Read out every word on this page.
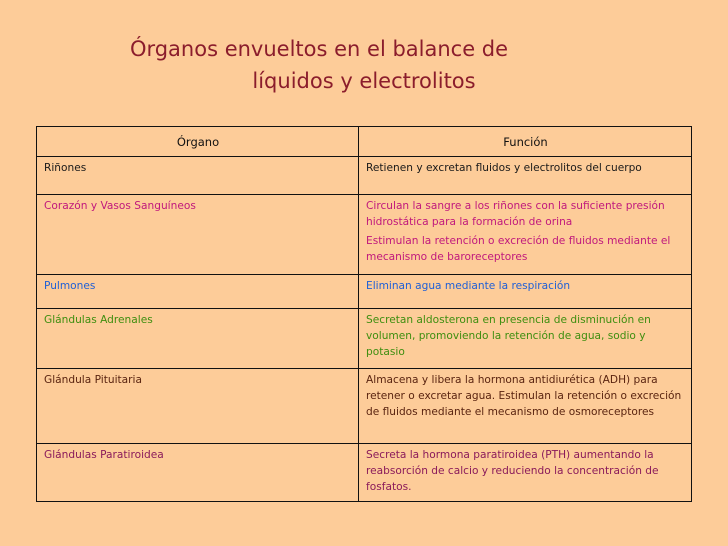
Órganos envueltos en el balance de
líquidos y electrolitos
Órgano	Función
Riñones	Retienen y excretan fluidos y electrolitos del cuerpo

Corazón y Vasos Sanguíneos	Circulan la sangre a los riñones con la suficiente presión hidrostática para la formación de orina
Estimulan la retención o excreción de fluidos mediante el mecanismo de baroreceptores

Pulmones	Eliminan agua mediante la respiración

Glándulas Adrenales	Secretan aldosterona en presencia de disminución en volumen, promoviendo la retención de agua, sodio y potasio

Glándula Pituitaria	Almacena y libera la hormona antidiurética (ADH) para retener o excretar agua. Estimulan la retención o excreción de fluidos mediante el mecanismo de osmoreceptores

Glándulas Paratiroidea	Secreta la hormona paratiroidea (PTH) aumentando la reabsorción de calcio y reduciendo la concentración de fosfatos.
